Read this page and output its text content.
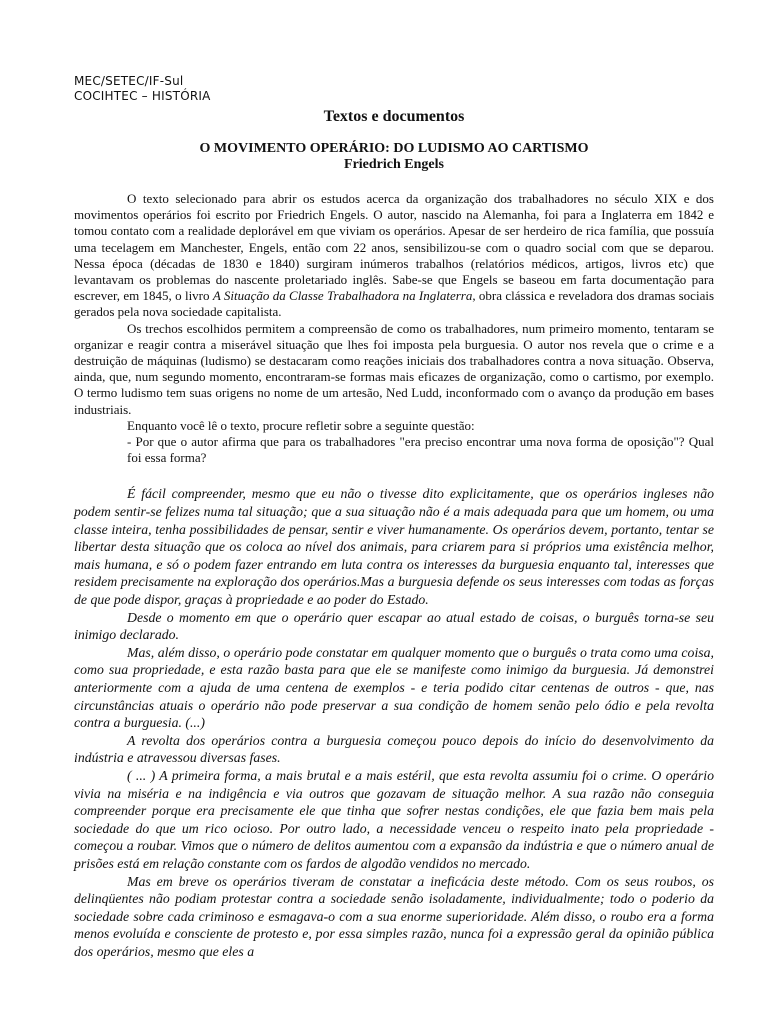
MEC/SETEC/IF-Sul
COCIHTEC – HISTÓRIA
Textos e documentos
O MOVIMENTO OPERÁRIO: DO LUDISMO AO CARTISMO
Friedrich Engels

O texto selecionado para abrir os estudos acerca da organização dos trabalhadores no século XIX e dos movimentos operários foi escrito por Friedrich Engels. O autor, nascido na Alemanha, foi para a Inglaterra em 1842 e tomou contato com a realidade deplorável em que viviam os operários. Apesar de ser herdeiro de rica família, que possuía uma tecelagem em Manchester, Engels, então com 22 anos, sensibilizou-se com o quadro social com que se deparou. Nessa época (décadas de 1830 e 1840) surgiram inúmeros trabalhos (relatórios médicos, artigos, livros etc) que levantavam os problemas do nascente proletariado inglês. Sabe-se que Engels se baseou em farta documentação para escrever, em 1845, o livro A Situação da Classe Trabalhadora na Inglaterra, obra clássica e reveladora dos dramas sociais gerados pela nova sociedade capitalista.

Os trechos escolhidos permitem a compreensão de como os trabalhadores, num primeiro momento, tentaram se organizar e reagir contra a miserável situação que lhes foi imposta pela burguesia. O autor nos revela que o crime e a destruição de máquinas (ludismo) se destacaram como reações iniciais dos trabalhadores contra a nova situação. Observa, ainda, que, num segundo momento, encontraram-se formas mais eficazes de organização, como o cartismo, por exemplo. O termo ludismo tem suas origens no nome de um artesão, Ned Ludd, inconformado com o avanço da produção em bases industriais.

Enquanto você lê o texto, procure refletir sobre a seguinte questão:

- Por que o autor afirma que para os trabalhadores "era preciso encontrar uma nova forma de oposição"? Qual foi essa forma?

É fácil compreender, mesmo que eu não o tivesse dito explicitamente, que os operários ingleses não podem sentir-se felizes numa tal situação; que a sua situação não é a mais adequada para que um homem, ou uma classe inteira, tenha possibilidades de pensar, sentir e viver humanamente. Os operários devem, portanto, tentar se libertar desta situação que os coloca ao nível dos animais, para criarem para si próprios uma existência melhor, mais humana, e só o podem fazer entrando em luta contra os interesses da burguesia enquanto tal, interesses que residem precisamente na exploração dos operários.Mas a burguesia defende os seus interesses com todas as forças de que pode dispor, graças à propriedade e ao poder do Estado.

Desde o momento em que o operário quer escapar ao atual estado de coisas, o burguês torna-se seu inimigo declarado.

Mas, além disso, o operário pode constatar em qualquer momento que o burguês o trata como uma coisa, como sua propriedade, e esta razão basta para que ele se manifeste como inimigo da burguesia. Já demonstrei anteriormente com a ajuda de uma centena de exemplos - e teria podido citar centenas de outros - que, nas circunstâncias atuais o operário não pode preservar a sua condição de homem senão pelo ódio e pela revolta contra a burguesia. (...)

A revolta dos operários contra a burguesia começou pouco depois do início do desenvolvimento da indústria e atravessou diversas fases.

( ... ) A primeira forma, a mais brutal e a mais estéril, que esta revolta assumiu foi o crime. O operário vivia na miséria e na indigência e via outros que gozavam de situação melhor. A sua razão não conseguia compreender porque era precisamente ele que tinha que sofrer nestas condições, ele que fazia bem mais pela sociedade do que um rico ocioso. Por outro lado, a necessidade venceu o respeito inato pela propriedade - começou a roubar. Vimos que o número de delitos aumentou com a expansão da indústria e que o número anual de prisões está em relação constante com os fardos de algodão vendidos no mercado.

Mas em breve os operários tiveram de constatar a ineficácia deste método. Com os seus roubos, os delinqüentes não podiam protestar contra a sociedade senão isoladamente, individualmente; todo o poderio da sociedade sobre cada criminoso e esmagava-o com a sua enorme superioridade. Além disso, o roubo era a forma menos evoluída e consciente de protesto e, por essa simples razão, nunca foi a expressão geral da opinião pública dos operários, mesmo que eles a
